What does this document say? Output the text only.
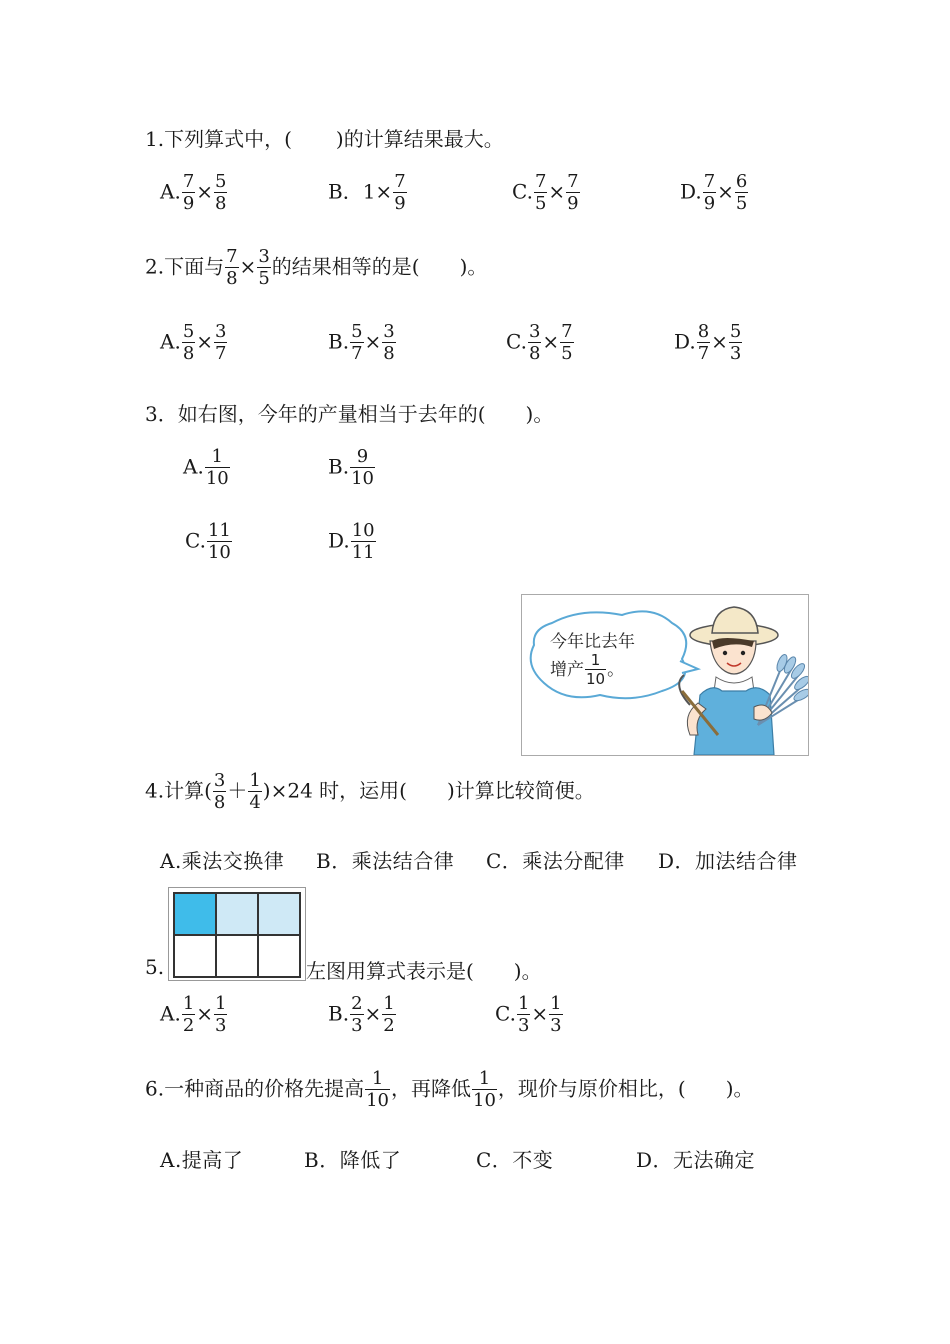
1.下列算式中，( )的计算结果最大。
A. $\frac{7}{9} \times \frac{5}{8}$	B．$1\times \frac{7}{9}$	C. $\frac{7}{5} \times \frac{7}{9}$	D. $\frac{7}{9} \times \frac{6}{5}$
2.下面与 $\frac{7}{8} \times \frac{3}{5}$ 的结果相等的是(　　)。
A. $\frac{5}{8} \times \frac{3}{7}$	B. $\frac{5}{7} \times \frac{3}{8}$	C. $\frac{3}{8} \times \frac{7}{5}$	D. $\frac{8}{7} \times \frac{5}{3}$
3．如右图，今年的产量相当于去年的(　　)。
A. $\frac{1}{10}$	B. $\frac{9}{10}$
C. $\frac{11}{10}$	D. $\frac{10}{11}$
今年比去年
增产 $\frac{1}{10}$ 。
4.计算( $\frac{3}{8} + \frac{1}{4} )\times 24$ 时，运用(　　)计算比较简便。
A.乘法交换律 B．乘法结合律 C．乘法分配律 D．加法结合律
5.	左图用算式表示是(　　)。
A. $\frac{1}{2} \times \frac{1}{3}$	B. $\frac{2}{3} \times \frac{1}{2}$	C. $\frac{1}{3} \times \frac{1}{3}$
6.一种商品的价格先提高 $\frac{1}{10}$ ，再降低 $\frac{1}{10}$ ，现价与原价相比，(　　)。
A.提高了	B．降低了	C．不变	D．无法确定
